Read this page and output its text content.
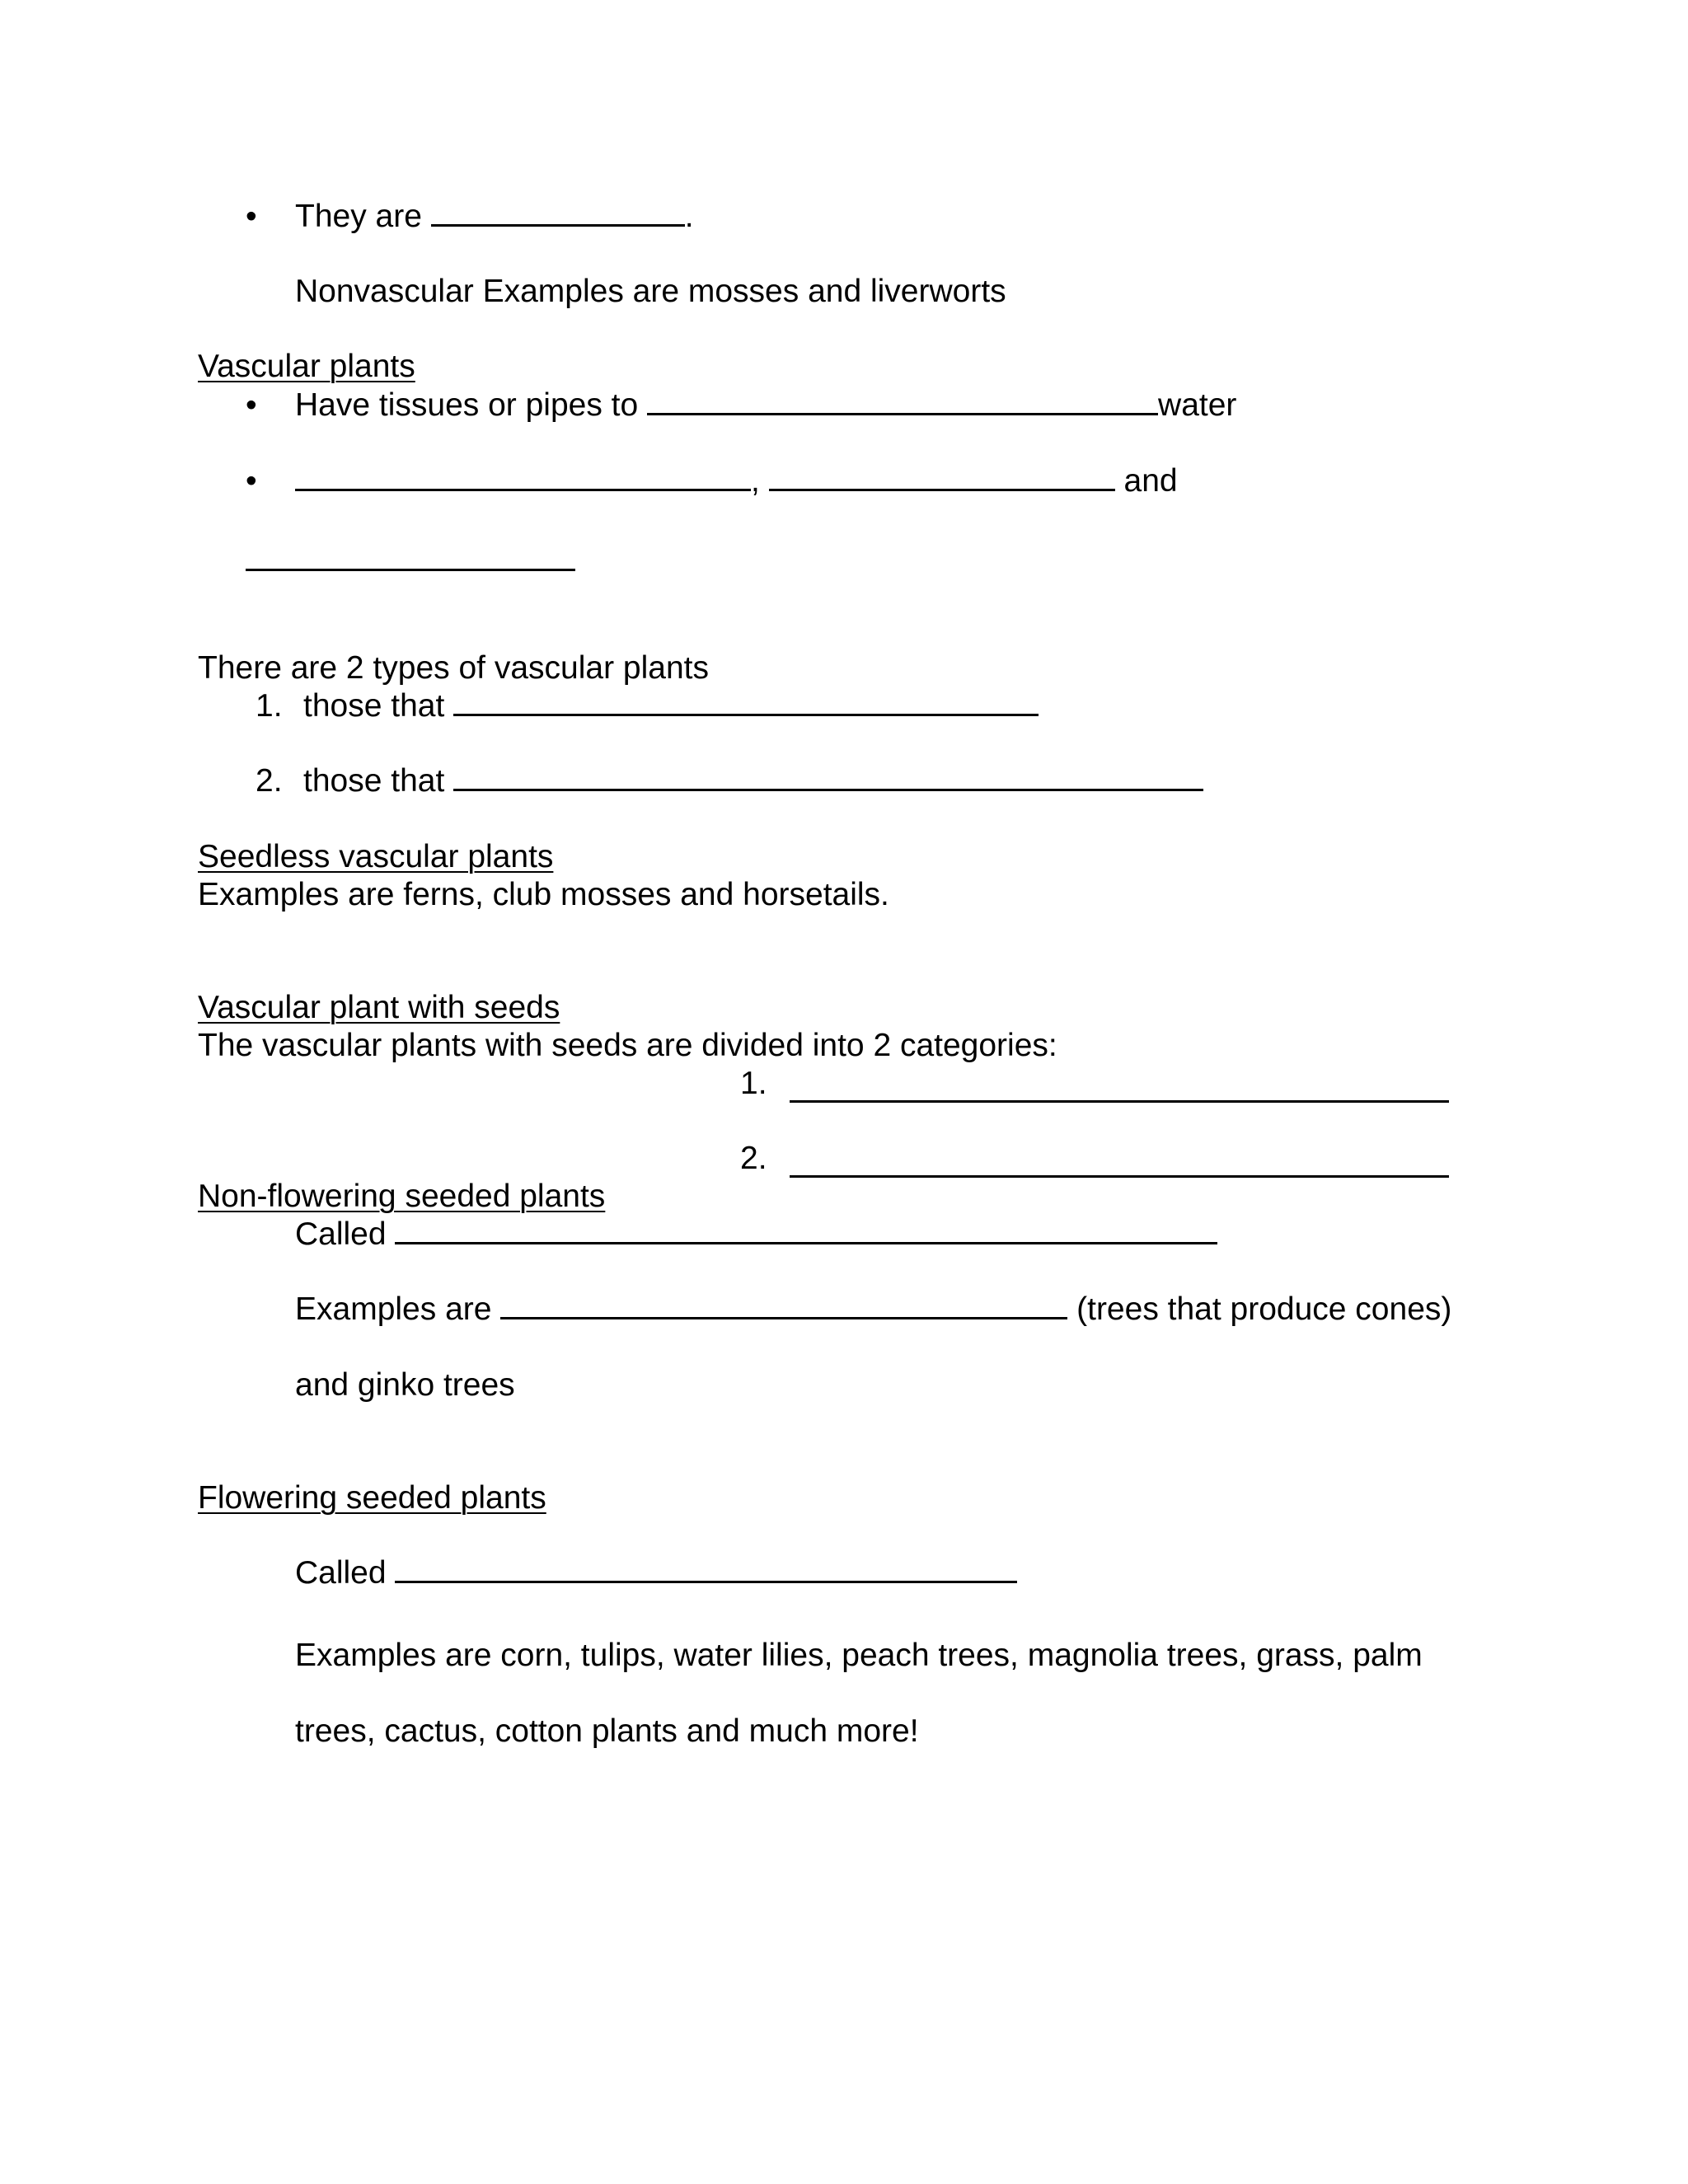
• They are	.
Nonvascular Examples are mosses and liverworts
Vascular plants
• Have tissues or pipes to	water
•	,	and
There are 2 types of vascular plants
1. those that
2. those that
Seedless vascular plants
Examples are ferns, club mosses and horsetails.
Vascular plant with seeds
The vascular plants with seeds are divided into 2 categories:
1.
2.
Non-flowering seeded plants
Called
Examples are	(trees that produce cones)
and ginko trees
Flowering seeded plants
Called
Examples are corn, tulips, water lilies, peach trees, magnolia trees, grass, palm
trees, cactus, cotton plants and much more!
